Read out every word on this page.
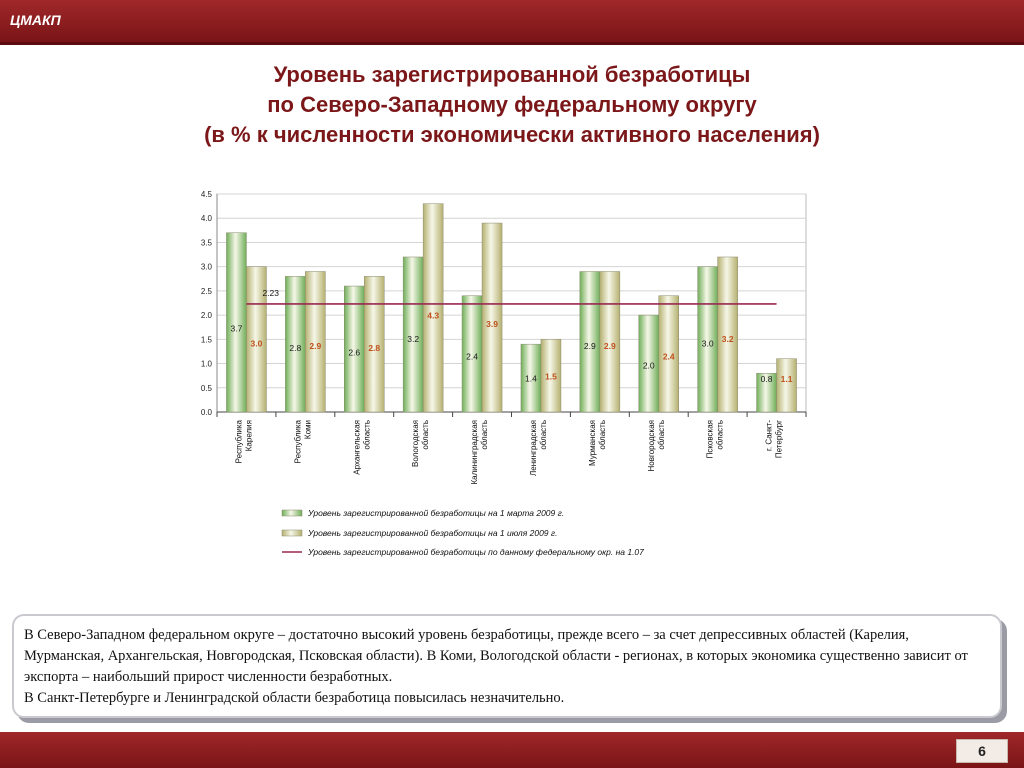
ЦМАКП
Уровень зарегистрированной безработицы
по Северо-Западному федеральному округу
(в % к численности экономически активного населения)
0.0
0.5
1.0
1.5
2.0
2.5
3.0
3.5
4.0
4.5
3.7
3.0	2.8 2.9
2.6 2.8
3.2
4.3
2.4
3.9
1.4 1.5
2.9 2.9
2.0
2.4
3.0 3.2
0.8 1.1
2.23
Республика Карелия	Республика Коми	Архангельская область	Вологодская область	Калининградская область	Ленинградская область	Мурманская область	Новгородская область	Псковская область	г. Санкт- Петербург
Уровень зарегистрированной безработицы на 1 марта 2009 г.
Уровень зарегистрированной безработицы на 1 июля 2009 г.
Уровень зарегистрированной безработицы по данному федеральному окр. на 1.07

В Северо-Западном федеральном округе – достаточно высокий уровень безработицы, прежде всего – за счет депрессивных областей (Карелия, Мурманская, Архангельская, Новгородская, Псковская области). В Коми, Вологодской области - регионах, в которых экономика существенно зависит от экспорта – наибольший прирост численности безработных.

В Санкт-Петербурге и Ленинградской области безработица повысилась незначительно.

6
